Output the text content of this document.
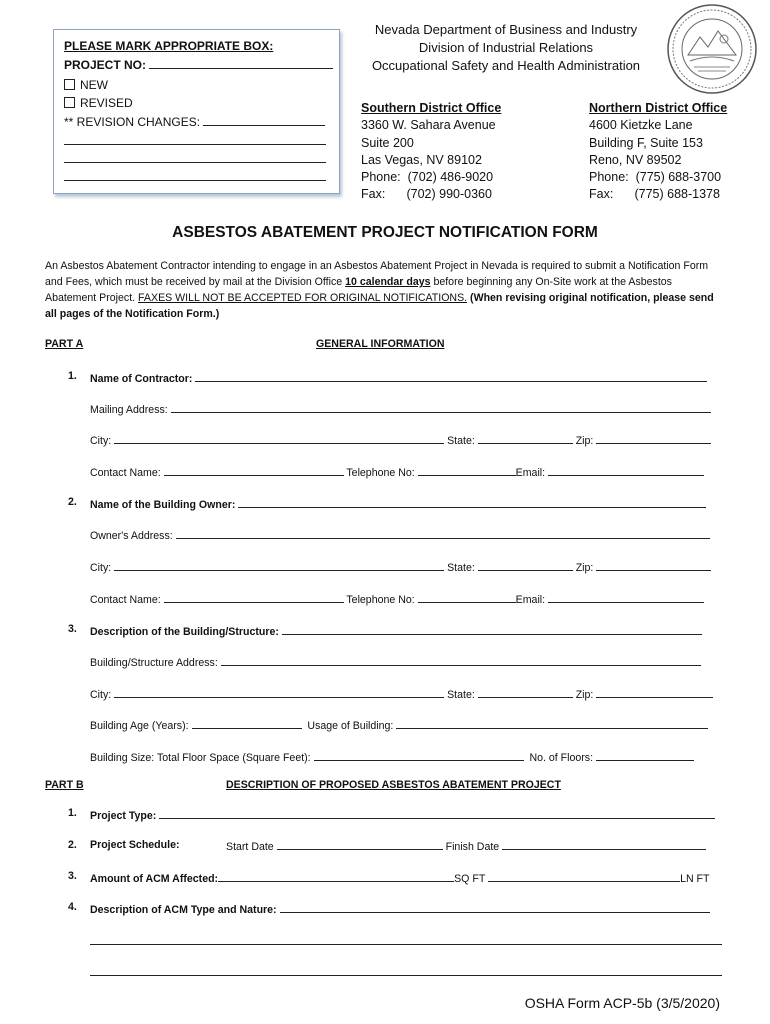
PLEASE MARK APPROPRIATE BOX:
PROJECT NO:
NEW
REVISED
** REVISION CHANGES:
Nevada Department of Business and Industry
Division of Industrial Relations
Occupational Safety and Health Administration
Southern District Office
3360 W. Sahara Avenue
Suite 200
Las Vegas, NV 89102
Phone: (702) 486-9020
Fax: (702) 990-0360
Northern District Office
4600 Kietzke Lane
Building F, Suite 153
Reno, NV 89502
Phone: (775) 688-3700
Fax: (775) 688-1378
ASBESTOS ABATEMENT PROJECT NOTIFICATION FORM
An Asbestos Abatement Contractor intending to engage in an Asbestos Abatement Project in Nevada is required to submit a Notification Form and Fees, which must be received by mail at the Division Office 10 calendar days before beginning any On-Site work at the Asbestos Abatement Project. FAXES WILL NOT BE ACCEPTED FOR ORIGINAL NOTIFICATIONS. (When revising original notification, please send all pages of the Notification Form.)
PART A	GENERAL INFORMATION
1. Name of Contractor:
Mailing Address:
City:	State:	Zip:
Contact Name:	Telephone No:	Email:
2. Name of the Building Owner:
Owner's Address:
City:	State:	Zip:
Contact Name:	Telephone No:	Email:
3. Description of the Building/Structure:
Building/Structure Address:
City:	State:	Zip:
Building Age (Years):	Usage of Building:
Building Size: Total Floor Space (Square Feet):	No. of Floors:
PART B	DESCRIPTION OF PROPOSED ASBESTOS ABATEMENT PROJECT
1. Project Type:
2. Project Schedule:	Start Date	Finish Date
3. Amount of ACM Affected:	SQ FT	LN FT
4. Description of ACM Type and Nature:
OSHA Form ACP-5b (3/5/2020)
